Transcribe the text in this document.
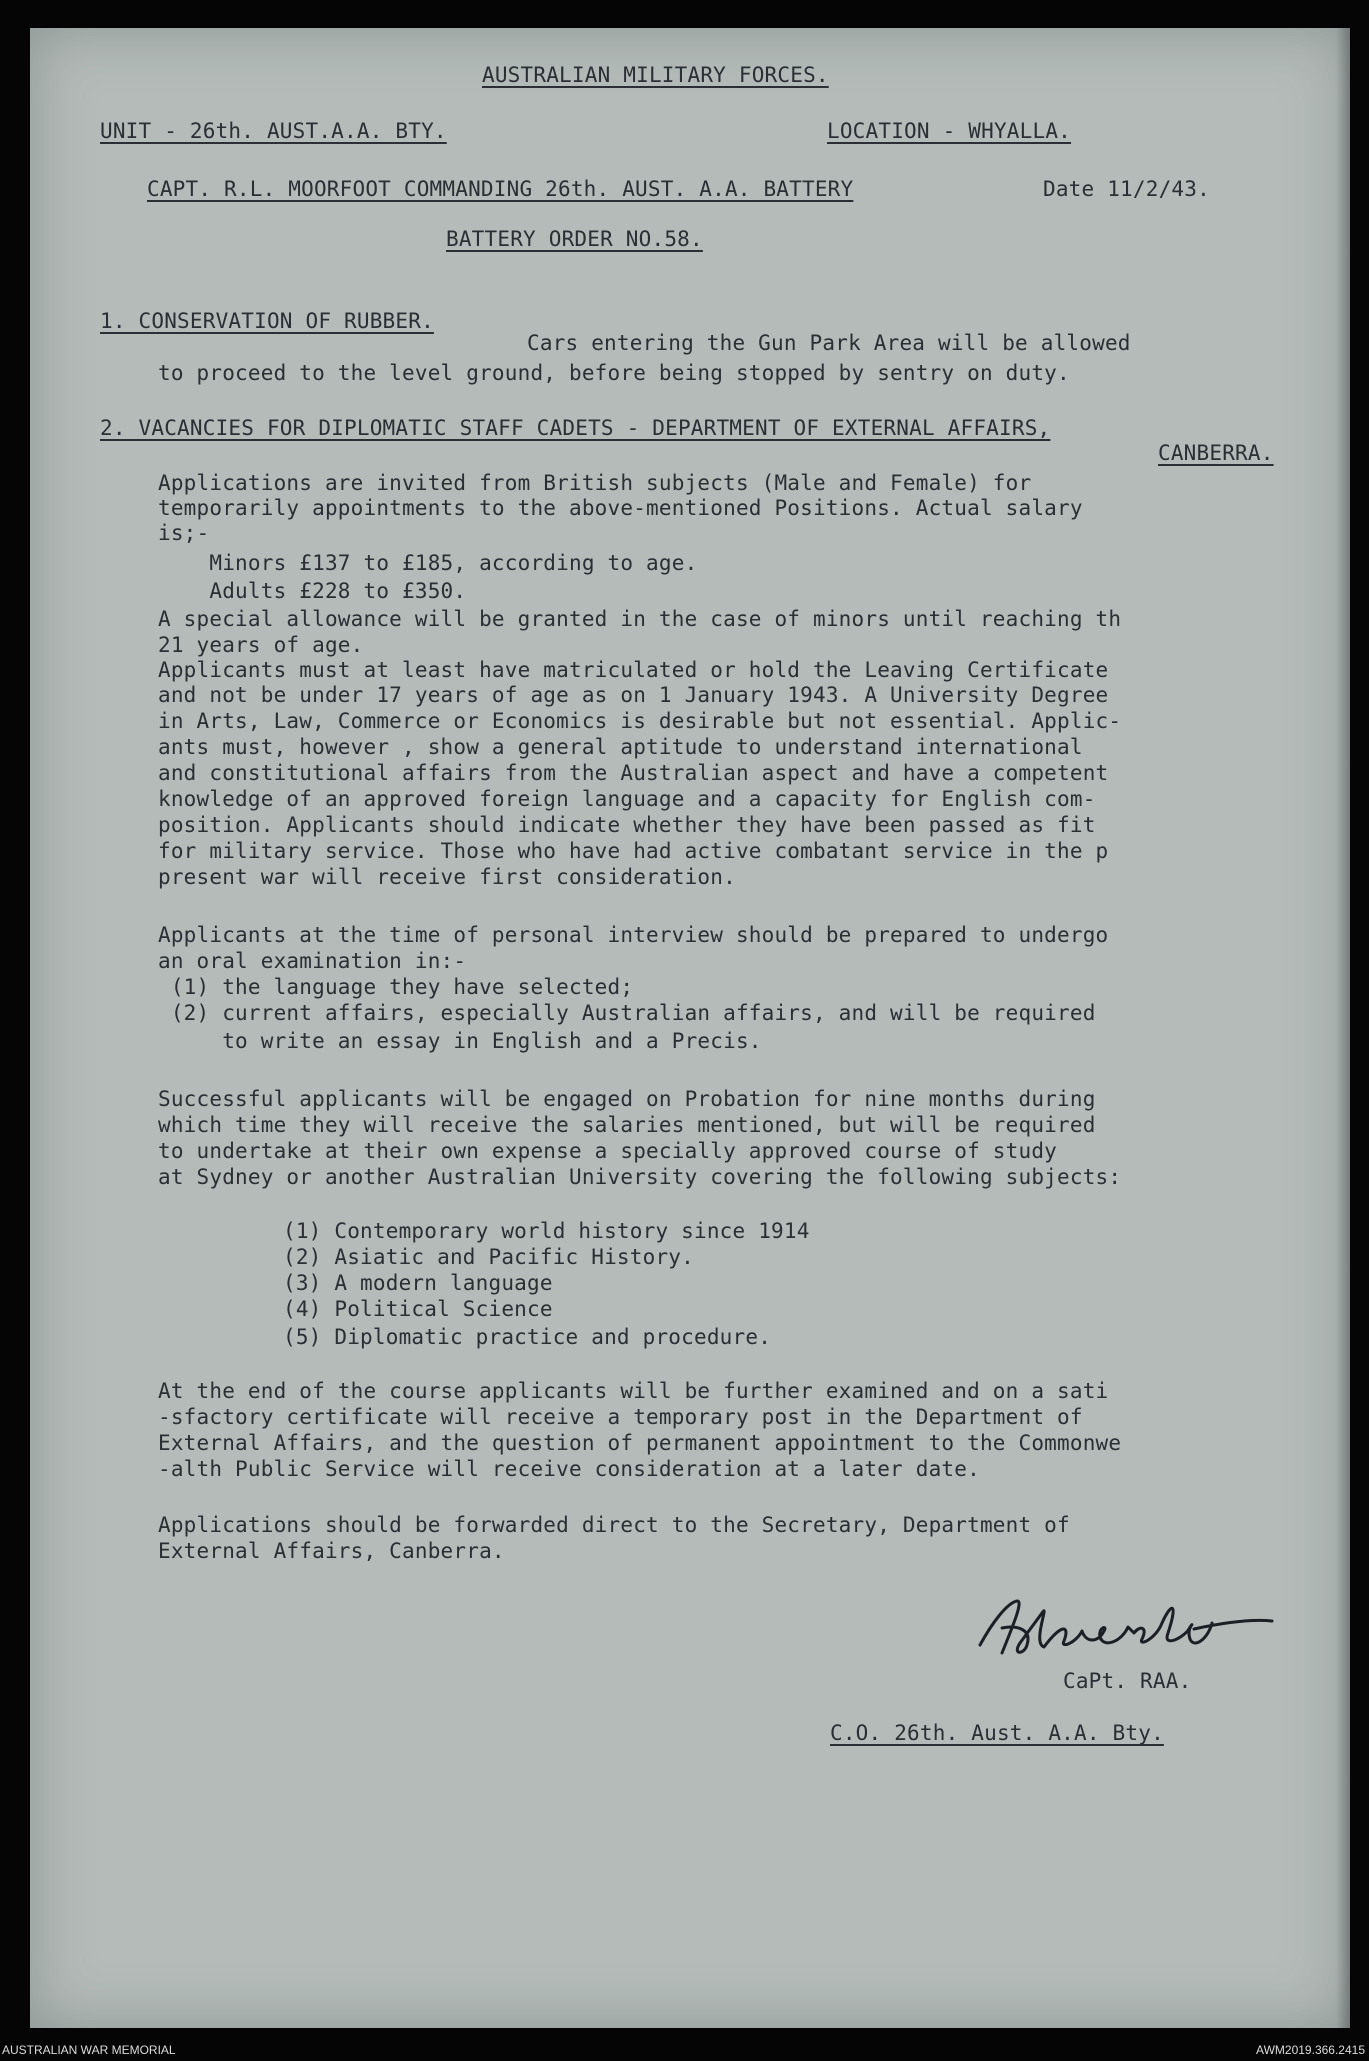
AUSTRALIAN MILITARY FORCES.
UNIT - 26th. AUST.A.A. BTY.	LOCATION - WHYALLA.
CAPT. R.L. MOORFOOT COMMANDING 26th. AUST. A.A. BATTERY	Date 11/2/43.
BATTERY ORDER NO.58.
1. CONSERVATION OF RUBBER.
Cars entering the Gun Park Area will be allowed
to proceed to the level ground, before being stopped by sentry on duty.
2. VACANCIES FOR DIPLOMATIC STAFF CADETS - DEPARTMENT OF EXTERNAL AFFAIRS,
CANBERRA.
Applications are invited from British subjects (Male and Female) for
temporarily appointments to the above-mentioned Positions. Actual salary
is;-
Minors £137 to £185, according to age.
Adults £228 to £350.
A special allowance will be granted in the case of minors until reaching th
21 years of age.
Applicants must at least have matriculated or hold the Leaving Certificate
and not be under 17 years of age as on 1 January 1943. A University Degree
in Arts, Law, Commerce or Economics is desirable but not essential. Applic-
ants must, however , show a general aptitude to understand international
and constitutional affairs from the Australian aspect and have a competent
knowledge of an approved foreign language and a capacity for English com-
position. Applicants should indicate whether they have been passed as fit
for military service. Those who have had active combatant service in the p
present war will receive first consideration.
Applicants at the time of personal interview should be prepared to undergo
an oral examination in:-
(1) the language they have selected;
(2) current affairs, especially Australian affairs, and will be required
to write an essay in English and a Precis.
Successful applicants will be engaged on Probation for nine months during
which time they will receive the salaries mentioned, but will be required
to undertake at their own expense a specially approved course of study
at Sydney or another Australian University covering the following subjects:
(1) Contemporary world history since 1914
(2) Asiatic and Pacific History.
(3) A modern language
(4) Political Science
(5) Diplomatic practice and procedure.
At the end of the course applicants will be further examined and on a sati
-sfactory certificate will receive a temporary post in the Department of
External Affairs, and the question of permanent appointment to the Commonwe
-alth Public Service will receive consideration at a later date.
Applications should be forwarded direct to the Secretary, Department of
External Affairs, Canberra.
CaPt. RAA.
C.O. 26th. Aust. A.A. Bty.
AUSTRALIAN WAR MEMORIAL	AWM2019.366.2415
